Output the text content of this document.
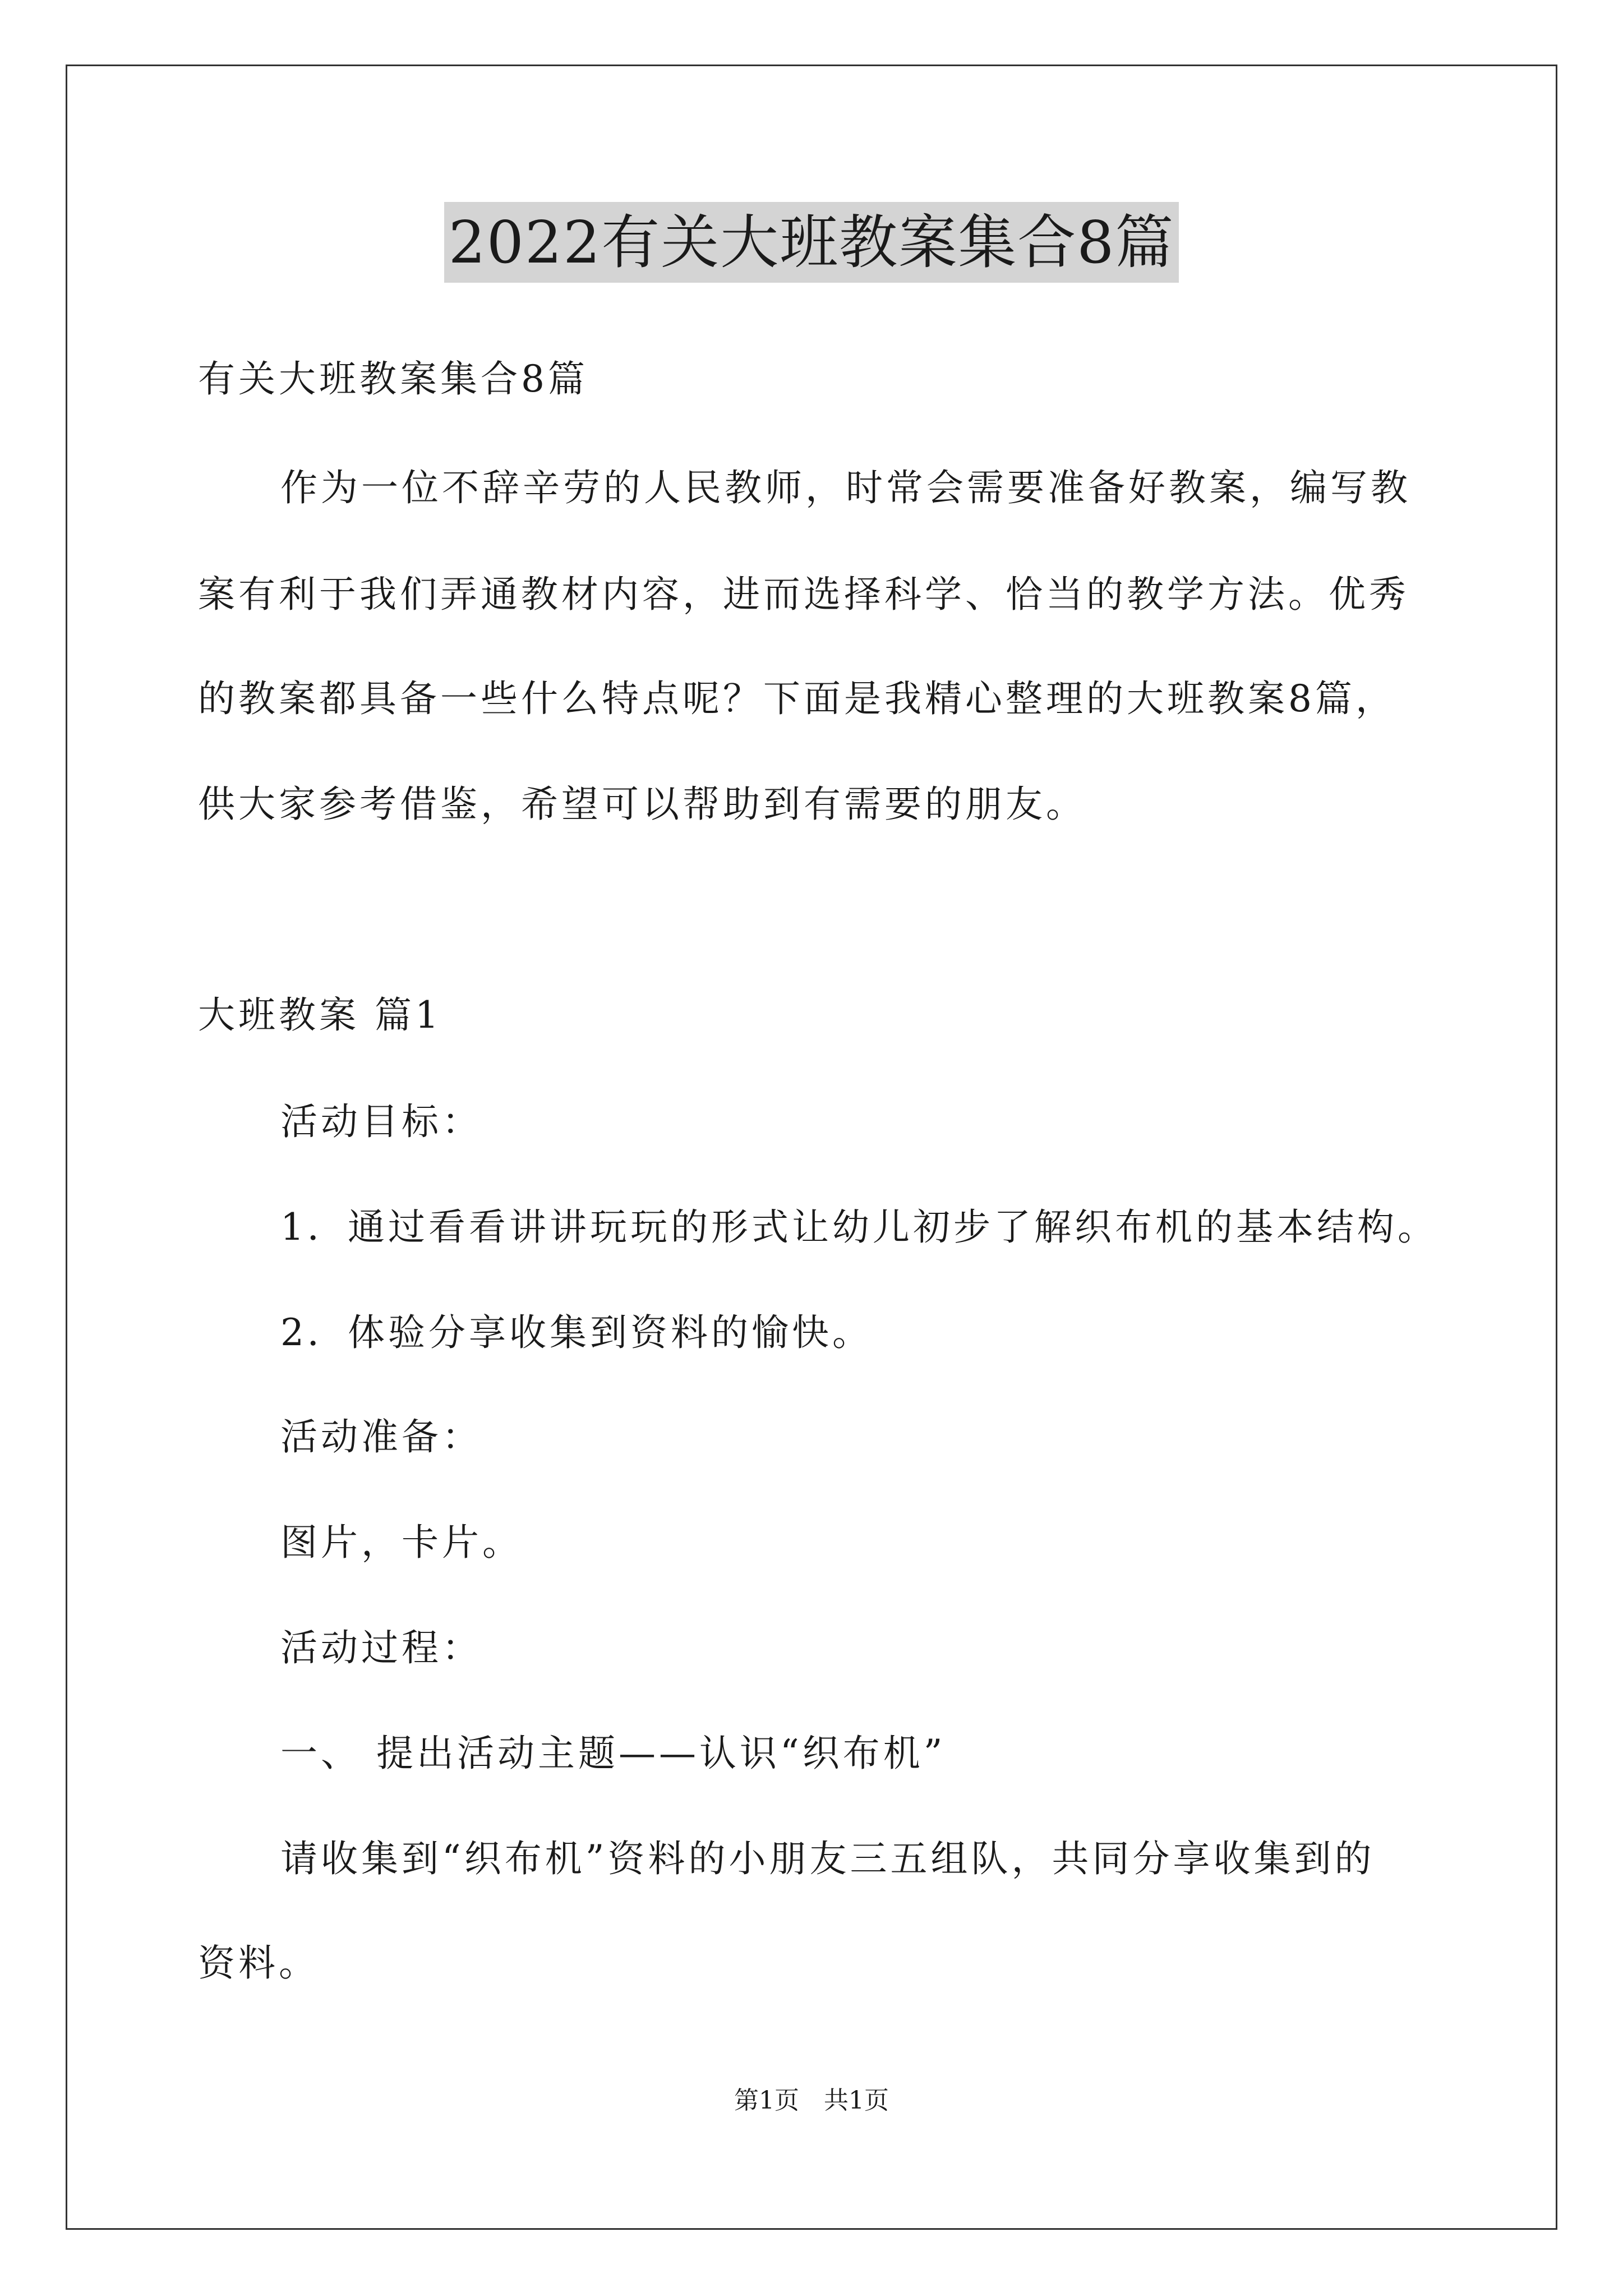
2022有关大班教案集合8篇
有关大班教案集合8篇
作为一位不辞辛劳的人民教师，时常会需要准备好教案，编写教
案有利于我们弄通教材内容，进而选择科学、恰当的教学方法。优秀
的教案都具备一些什么特点呢？下面是我精心整理的大班教案8篇，
供大家参考借鉴，希望可以帮助到有需要的朋友。
大班教案 篇1
活动目标：
1．通过看看讲讲玩玩的形式让幼儿初步了解织布机的基本结构。
2．体验分享收集到资料的愉快。
活动准备：
图片，卡片。
活动过程：
一、 提出活动主题——认识“织布机”
请收集到“织布机”资料的小朋友三五组队，共同分享收集到的
资料。
第1页　共1页
